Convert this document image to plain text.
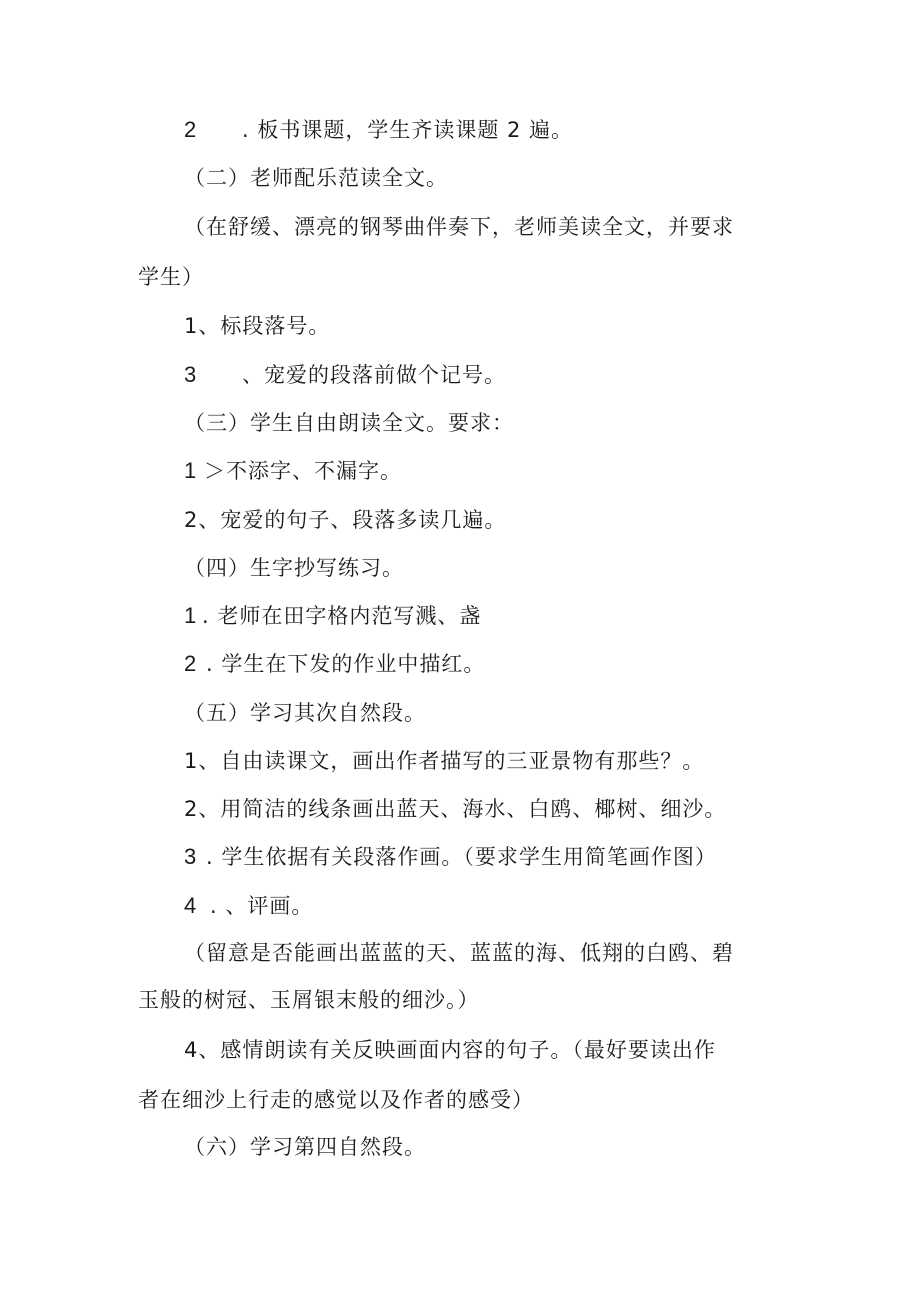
2 . 板书课题，学生齐读课题 2 遍。
（二）老师配乐范读全文。
（在舒缓、漂亮的钢琴曲伴奏下，老师美读全文，并要求
学生）
1、标段落号。
3 、宠爱的段落前做个记号。
（三）学生自由朗读全文。要求：
1 ＞不添字、不漏字。
2、宠爱的句子、段落多读几遍。
（四）生字抄写练习。
1 . 老师在田字格内范写溅、盏
2 . 学生在下发的作业中描红。
（五）学习其次自然段。
1、自由读课文，画出作者描写的三亚景物有那些？。
2、用简洁的线条画出蓝天、海水、白鸥、椰树、细沙。
3 . 学生依据有关段落作画。（要求学生用简笔画作图）
4 . 、评画。
（留意是否能画出蓝蓝的天、蓝蓝的海、低翔的白鸥、碧
玉般的树冠、玉屑银末般的细沙。）
4、感情朗读有关反映画面内容的句子。（最好要读出作
者在细沙上行走的感觉以及作者的感受）
（六）学习第四自然段。
